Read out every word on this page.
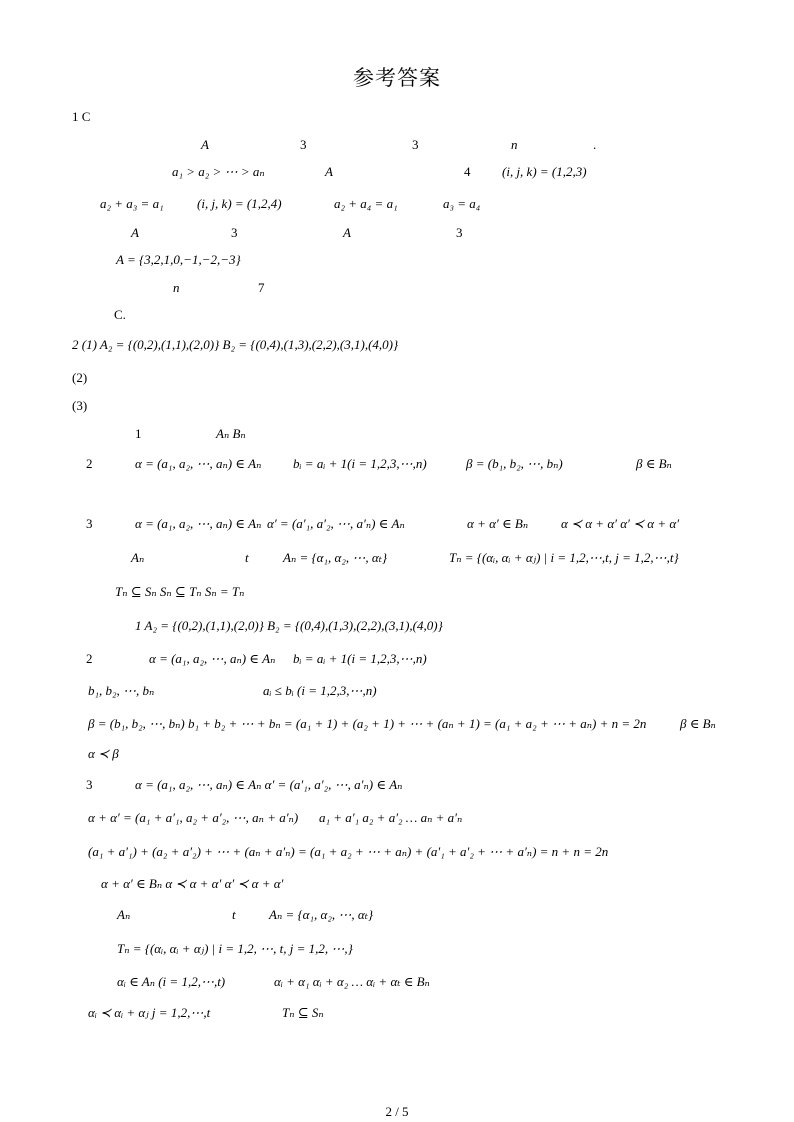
参考答案
1 C
A	3	3	n	.
a₁ > a₂ > ⋯ > aₙ	A	4 (i, j, k) = (1,2,3)
a₂ + a₃ = a₁	(i, j, k) = (1,2,4)	a₂ + a₄ = a₁	a₃ = a₄
A	3	A	3
A = {3,2,1,0,−1,−2,−3}
n	7
C.
2 (1) A₂ = {(0,2),(1,1),(2,0)} B₂ = {(0,4),(1,3),(2,2),(3,1),(4,0)}
(2)
(3)
1	Aₙ Bₙ
2	α = (a₁, a₂, ⋯, aₙ) ∈ Aₙ bᵢ = aᵢ + 1(i = 1,2,3,⋯,n)	β = (b₁, b₂, ⋯, bₙ)	β ∈ Bₙ
3	α = (a₁, a₂, ⋯, aₙ) ∈ Aₙ α′ = (a′₁, a′₂, ⋯, a′ₙ) ∈ Aₙ	α + α′ ∈ Bₙ	α ≺ α + α′ α′ ≺ α + α′
Aₙ	t	Aₙ = {α₁, α₂, ⋯, αₜ}	Tₙ = {(αᵢ, αᵢ + αⱼ) | i = 1,2,⋯,t, j = 1,2,⋯,t}
Tₙ ⊆ Sₙ Sₙ ⊆ Tₙ Sₙ = Tₙ
1 A₂ = {(0,2),(1,1),(2,0)} B₂ = {(0,4),(1,3),(2,2),(3,1),(4,0)}
2	α = (a₁, a₂, ⋯, aₙ) ∈ Aₙ bᵢ = aᵢ + 1(i = 1,2,3,⋯,n)
b₁, b₂, ⋯, bₙ	aᵢ ≤ bᵢ (i = 1,2,3,⋯,n)
β = (b₁, b₂, ⋯, bₙ) b₁ + b₂ + ⋯ + bₙ = (a₁ + 1) + (a₂ + 1) + ⋯ + (aₙ + 1) = (a₁ + a₂ + ⋯ + aₙ) + n = 2n	β ∈ Bₙ
α ≺ β
3	α = (a₁, a₂, ⋯, aₙ) ∈ Aₙ α′ = (a′₁, a′₂, ⋯, a′ₙ) ∈ Aₙ
α + α′ = (a₁ + a′₁, a₂ + a′₂, ⋯, aₙ + a′ₙ) a₁ + a′₁ a₂ + a′₂ … aₙ + a′ₙ
(a₁ + a′₁) + (a₂ + a′₂) + ⋯ + (aₙ + a′ₙ) = (a₁ + a₂ + ⋯ + aₙ) + (a′₁ + a′₂ + ⋯ + a′ₙ) = n + n = 2n
α + α′ ∈ Bₙ α ≺ α + α′ α′ ≺ α + α′
Aₙ	t	Aₙ = {α₁, α₂, ⋯, αₜ}
Tₙ = {(αᵢ, αᵢ + αⱼ) | i = 1,2, ⋯, t, j = 1,2, ⋯,}
αᵢ ∈ Aₙ (i = 1,2,⋯,t)	αᵢ + α₁ αᵢ + α₂ … αᵢ + αₜ ∈ Bₙ
αᵢ ≺ αᵢ + αⱼ j = 1,2,⋯,t	Tₙ ⊆ Sₙ
2 / 5
